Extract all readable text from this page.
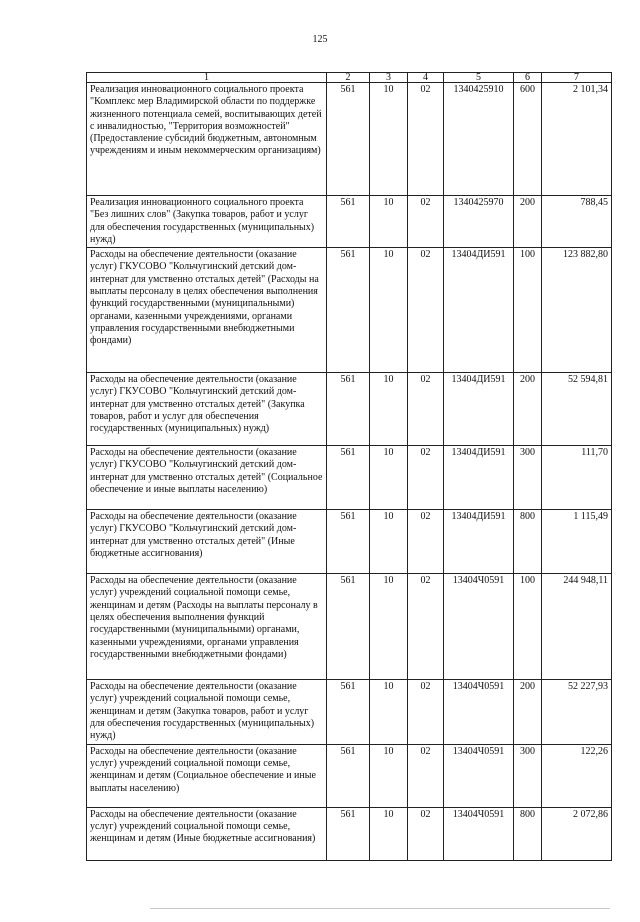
125
1	2	3	4	5	6	7
Реализация инновационного социального проекта "Комплекс мер Владимирской области по поддержке жизненного потенциала семей, воспитывающих детей с инвалидностью, "Территория возможностей" (Предоставление субсидий бюджетным, автономным учреждениям и иным некоммерческим организациям)	561	10	02	1340425910	600	2 101,34
Реализация инновационного социального проекта "Без лишних слов" (Закупка товаров, работ и услуг для обеспечения государственных (муниципальных) нужд)	561	10	02	1340425970	200	788,45
Расходы на обеспечение деятельности (оказание услуг) ГКУСОВО "Кольчугинский детский дом-интернат для умственно отсталых детей" (Расходы на выплаты персоналу в целях обеспечения выполнения функций государственными (муниципальными) органами, казенными учреждениями, органами управления государственными внебюджетными фондами)	561	10	02	13404ДИ591	100	123 882,80
Расходы на обеспечение деятельности (оказание услуг) ГКУСОВО "Кольчугинский детский дом-интернат для умственно отсталых детей" (Закупка товаров, работ и услуг для обеспечения государственных (муниципальных) нужд)	561	10	02	13404ДИ591	200	52 594,81
Расходы на обеспечение деятельности (оказание услуг) ГКУСОВО "Кольчугинский детский дом-интернат для умственно отсталых детей" (Социальное обеспечение и иные выплаты населению)	561	10	02	13404ДИ591	300	111,70
Расходы на обеспечение деятельности (оказание услуг) ГКУСОВО "Кольчугинский детский дом-интернат для умственно отсталых детей" (Иные бюджетные ассигнования)	561	10	02	13404ДИ591	800	1 115,49
Расходы на обеспечение деятельности (оказание услуг) учреждений социальной помощи семье, женщинам и детям (Расходы на выплаты персоналу в целях обеспечения выполнения функций государственными (муниципальными) органами, казенными учреждениями, органами управления государственными внебюджетными фондами)	561	10	02	13404Ч0591	100	244 948,11
Расходы на обеспечение деятельности (оказание услуг) учреждений социальной помощи семье, женщинам и детям (Закупка товаров, работ и услуг для обеспечения государственных (муниципальных) нужд)	561	10	02	13404Ч0591	200	52 227,93
Расходы на обеспечение деятельности (оказание услуг) учреждений социальной помощи семье, женщинам и детям (Социальное обеспечение и иные выплаты населению)	561	10	02	13404Ч0591	300	122,26
Расходы на обеспечение деятельности (оказание услуг) учреждений социальной помощи семье, женщинам и детям (Иные бюджетные ассигнования)	561	10	02	13404Ч0591	800	2 072,86
